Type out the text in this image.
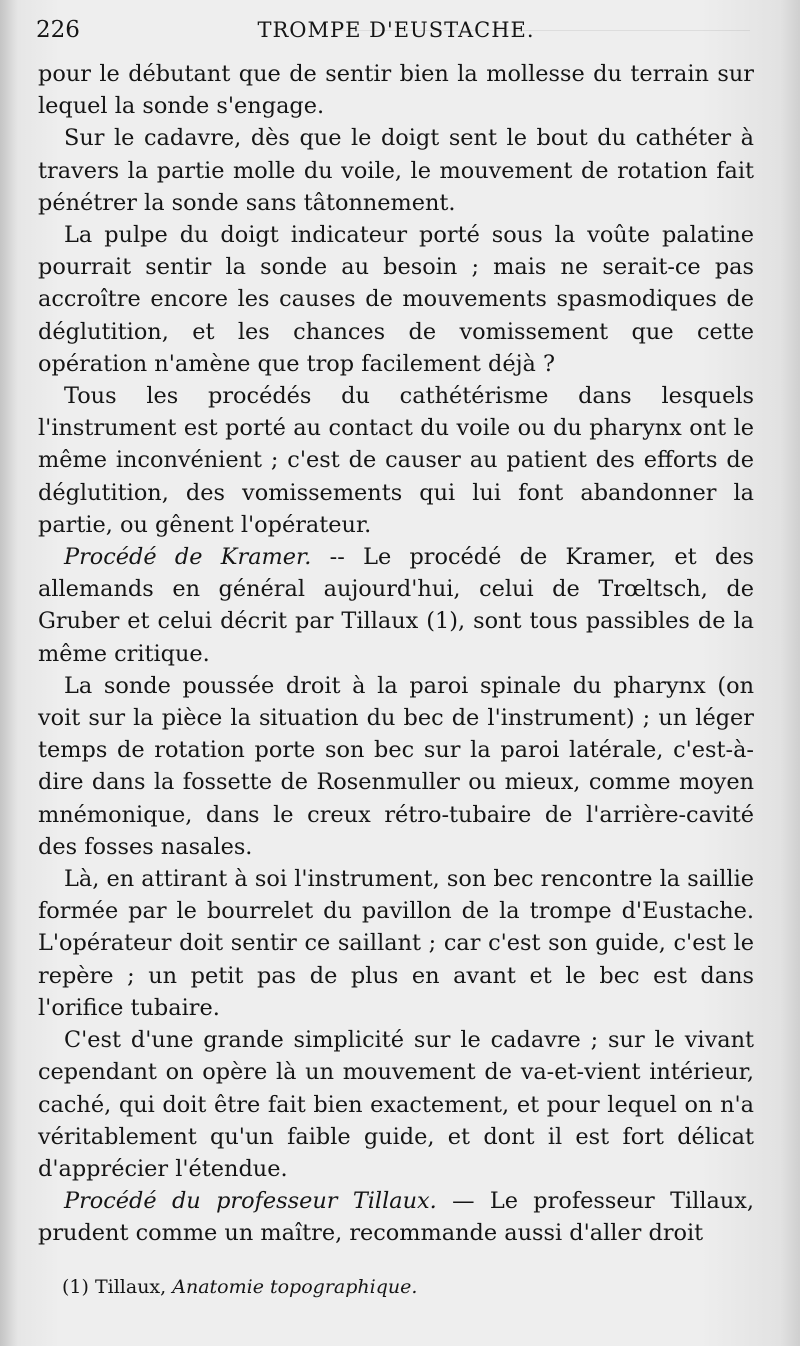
226	TROMPE D'EUSTACHE.

pour le débutant que de sentir bien la mollesse du terrain sur lequel la sonde s'engage.

Sur le cadavre, dès que le doigt sent le bout du cathéter à travers la partie molle du voile, le mouvement de rotation fait pénétrer la sonde sans tâtonnement.

La pulpe du doigt indicateur porté sous la voûte palatine pourrait sentir la sonde au besoin ; mais ne serait-ce pas accroître encore les causes de mouvements spasmodiques de déglutition, et les chances de vomissement que cette opération n'amène que trop facilement déjà ?

Tous les procédés du cathétérisme dans lesquels l'instrument est porté au contact du voile ou du pharynx ont le même inconvénient ; c'est de causer au patient des efforts de déglutition, des vomissements qui lui font abandonner la partie, ou gênent l'opérateur.

Procédé de Kramer. -- Le procédé de Kramer, et des allemands en général aujourd'hui, celui de Trœltsch, de Gruber et celui décrit par Tillaux (1), sont tous passibles de la même critique.

La sonde poussée droit à la paroi spinale du pharynx (on voit sur la pièce la situation du bec de l'instrument) ; un léger temps de rotation porte son bec sur la paroi latérale, c'est-à-dire dans la fossette de Rosenmuller ou mieux, comme moyen mnémonique, dans le creux rétro-tubaire de l'arrière-cavité des fosses nasales.

Là, en attirant à soi l'instrument, son bec rencontre la saillie formée par le bourrelet du pavillon de la trompe d'Eustache. L'opérateur doit sentir ce saillant ; car c'est son guide, c'est le repère ; un petit pas de plus en avant et le bec est dans l'orifice tubaire.

C'est d'une grande simplicité sur le cadavre ; sur le vivant cependant on opère là un mouvement de va-et-vient intérieur, caché, qui doit être fait bien exactement, et pour lequel on n'a véritablement qu'un faible guide, et dont il est fort délicat d'apprécier l'étendue.

Procédé du professeur Tillaux. — Le professeur Tillaux, prudent comme un maître, recommande aussi d'aller droit

(1) Tillaux, Anatomie topographique.
